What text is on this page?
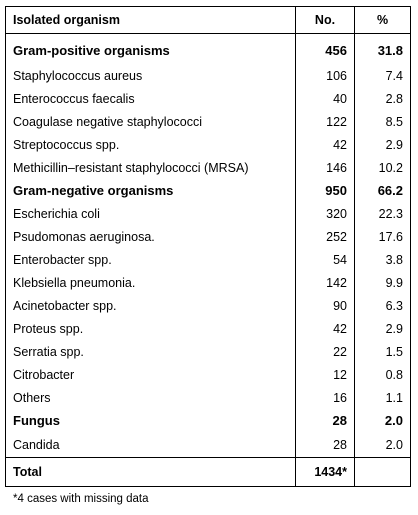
Isolated organism	No.	%
Gram-positive organisms	456	31.8
Staphylococcus aureus	106	7.4
Enterococcus faecalis	40	2.8
Coagulase negative staphylococci	122	8.5
Streptococcus spp.	42	2.9
Methicillin–resistant staphylococci (MRSA)	146	10.2
Gram-negative organisms	950	66.2
Escherichia coli	320	22.3
Psudomonas aeruginosa.	252	17.6
Enterobacter spp.	54	3.8
Klebsiella pneumonia.	142	9.9
Acinetobacter spp.	90	6.3
Proteus spp.	42	2.9
Serratia spp.	22	1.5
Citrobacter	12	0.8
Others	16	1.1
Fungus	28	2.0
Candida	28	2.0
Total	1434*	
*4 cases with missing data
